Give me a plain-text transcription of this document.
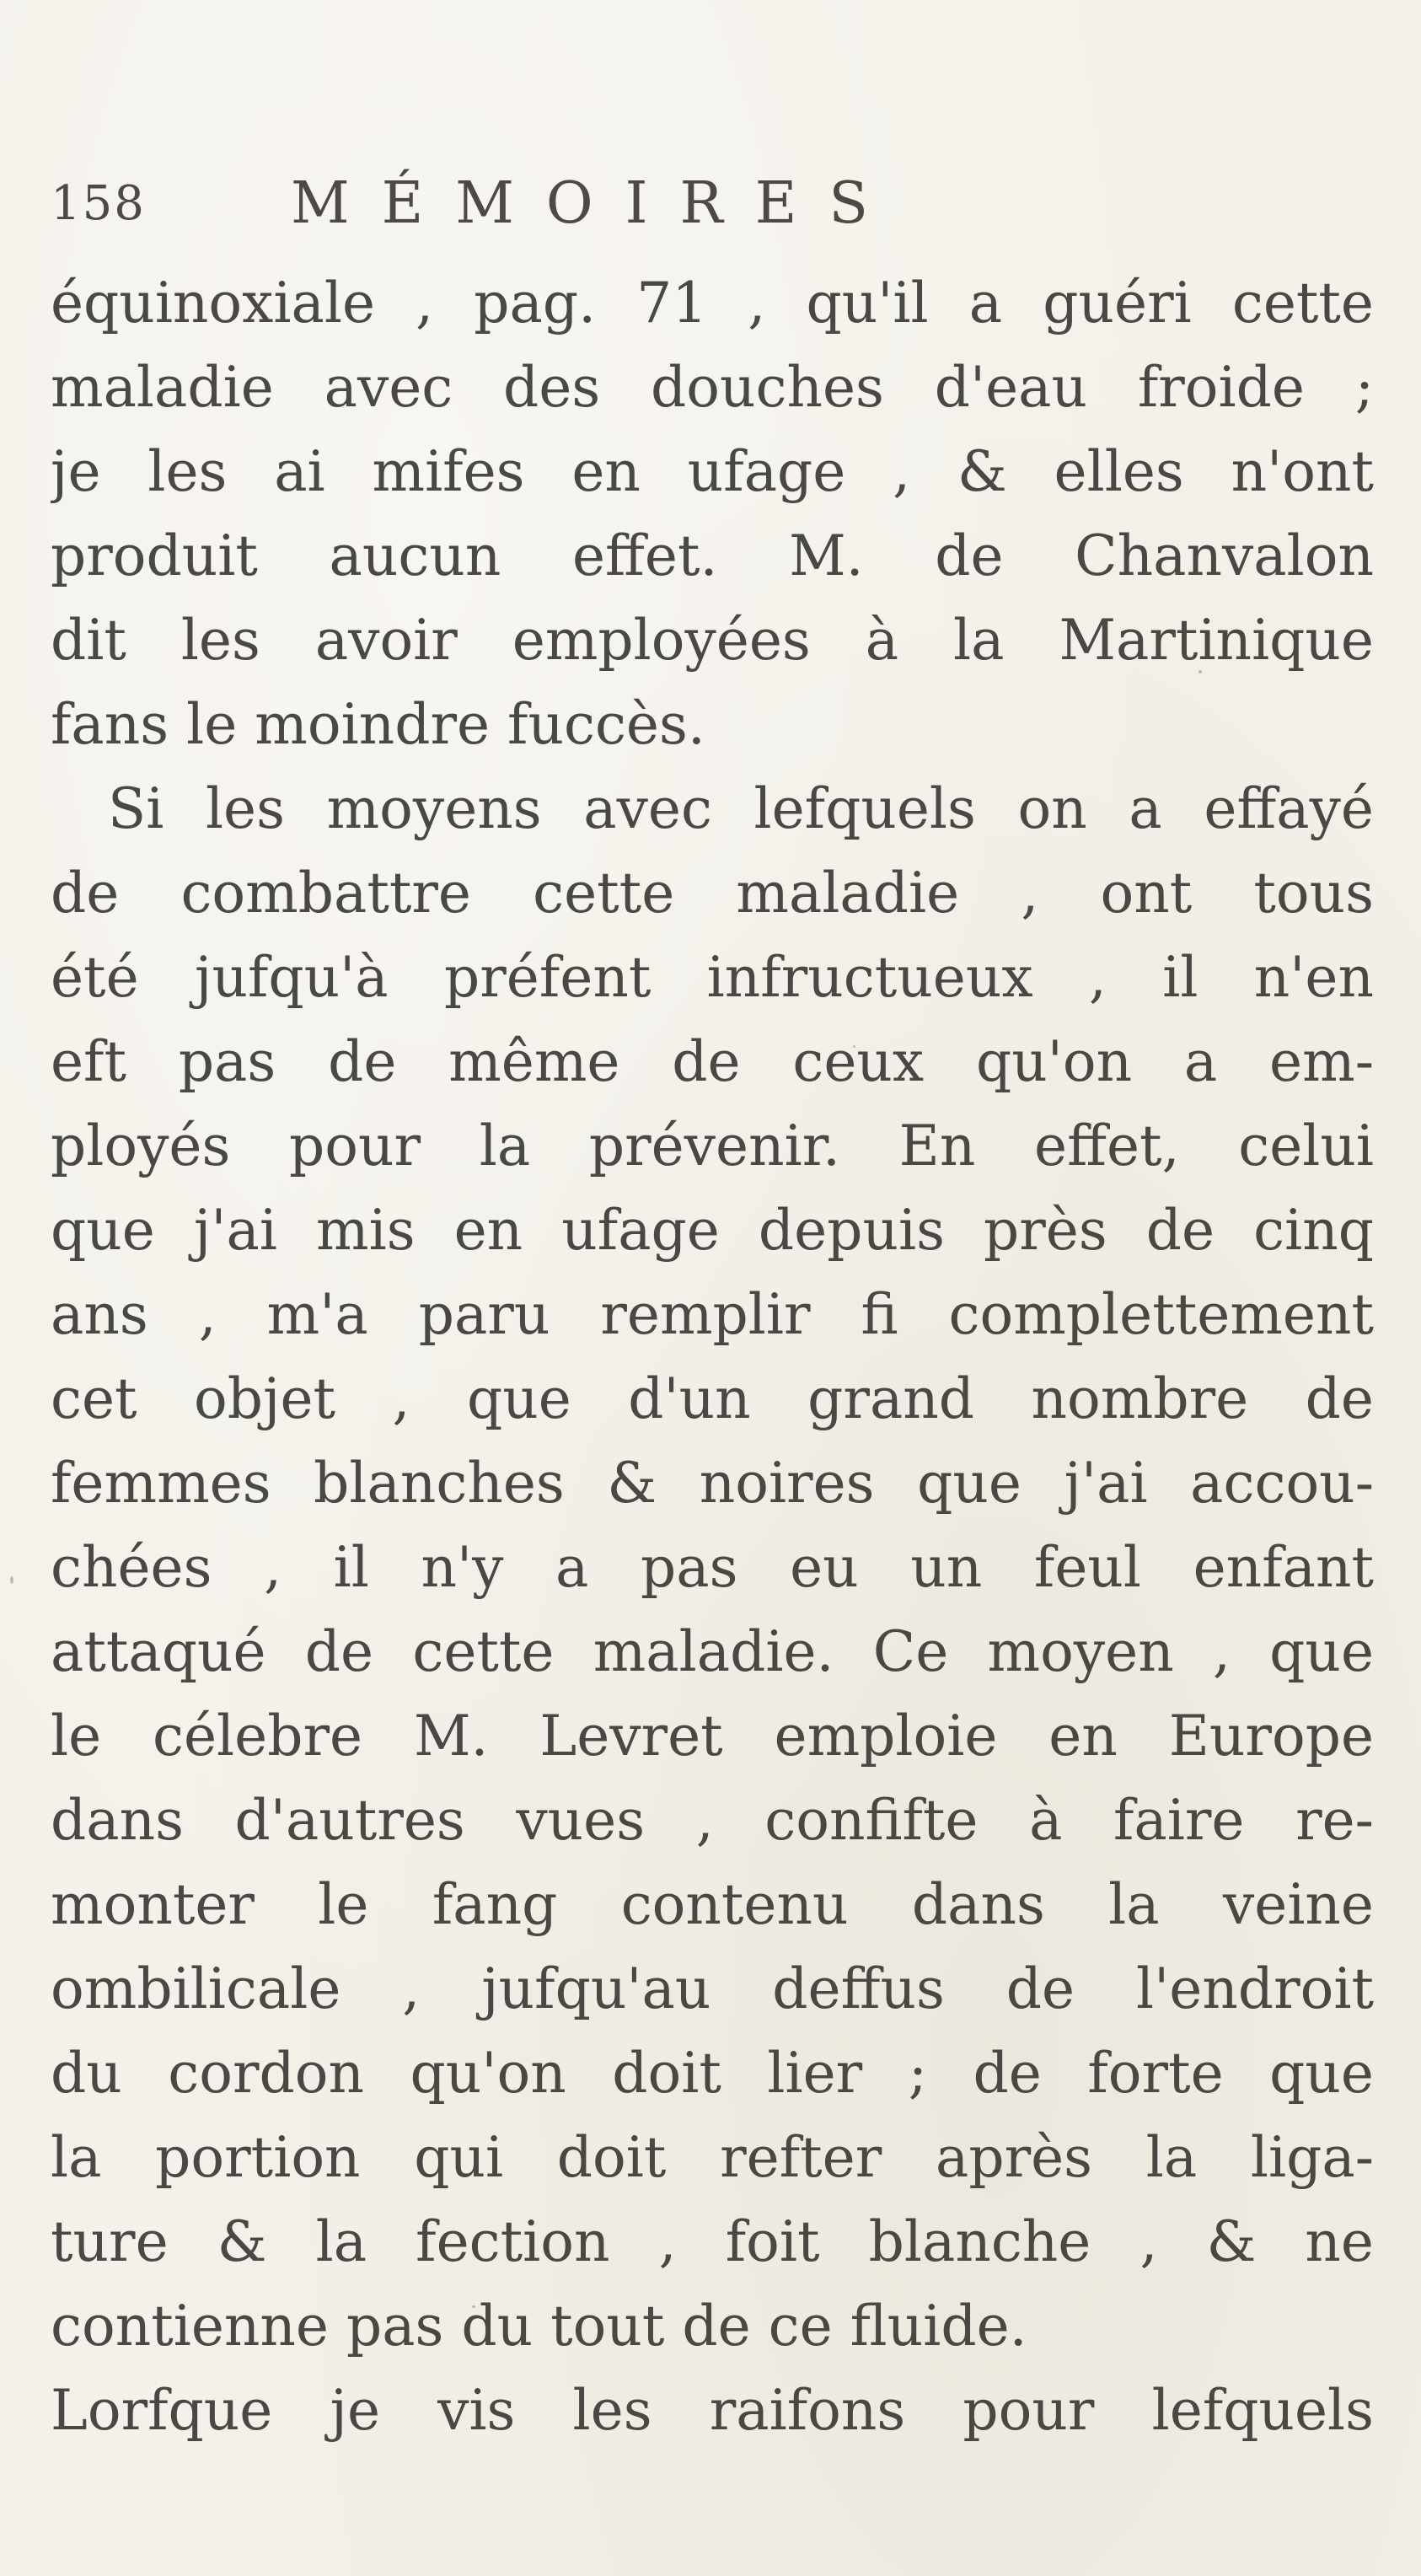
158	MÉMOIRES
équinoxiale , pag. 71 , qu'il a guéri cette
maladie avec des douches d'eau froide ;
je les ai mifes en ufage , & elles n'ont
produit aucun effet. M. de Chanvalon
dit les avoir employées à la Martinique
fans le moindre fuccès.
Si les moyens avec lefquels on a effayé
de combattre cette maladie , ont tous
été jufqu'à préfent infructueux , il n'en
eft pas de même de ceux qu'on a em-
ployés pour la prévenir. En effet, celui
que j'ai mis en ufage depuis près de cinq
ans , m'a paru remplir fi complettement
cet objet , que d'un grand nombre de
femmes blanches & noires que j'ai accou-
chées , il n'y a pas eu un feul enfant
attaqué de cette maladie. Ce moyen , que
le célebre M. Levret emploie en Europe
dans d'autres vues , confifte à faire re-
monter le fang contenu dans la veine
ombilicale , jufqu'au deffus de l'endroit
du cordon qu'on doit lier ; de forte que
la portion qui doit refter après la liga-
ture & la fection , foit blanche , & ne
contienne pas du tout de ce fluide.
Lorfque je vis les raifons pour lefquels
